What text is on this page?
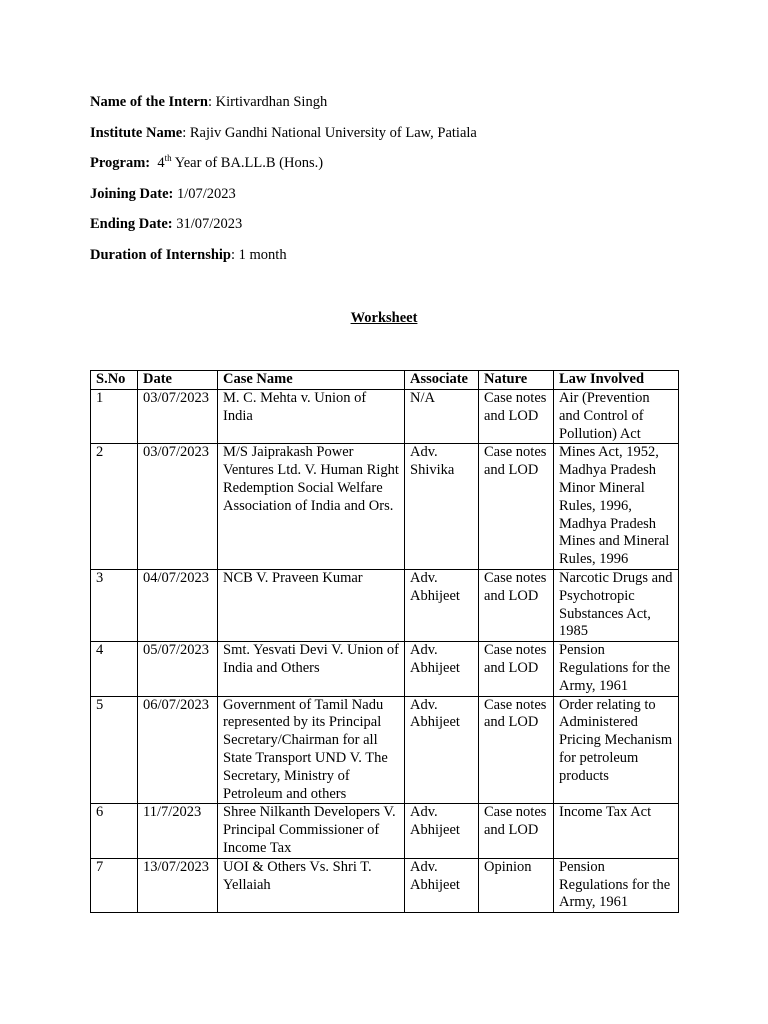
Name of the Intern: Kirtivardhan Singh
Institute Name: Rajiv Gandhi National University of Law, Patiala
Program: 4th Year of BA.LL.B (Hons.)
Joining Date: 1/07/2023
Ending Date: 31/07/2023
Duration of Internship: 1 month
Worksheet
S.No	Date	Case Name	Associate	Nature	Law Involved
1	03/07/2023	M. C. Mehta v. Union of India	N/A	Case notes and LOD	Air (Prevention and Control of Pollution) Act
2	03/07/2023	M/S Jaiprakash Power Ventures Ltd. V. Human Right Redemption Social Welfare Association of India and Ors.	Adv. Shivika	Case notes and LOD	Mines Act, 1952, Madhya Pradesh Minor Mineral Rules, 1996, Madhya Pradesh Mines and Mineral Rules, 1996
3	04/07/2023	NCB V. Praveen Kumar	Adv. Abhijeet	Case notes and LOD	Narcotic Drugs and Psychotropic Substances Act, 1985
4	05/07/2023	Smt. Yesvati Devi V. Union of India and Others	Adv. Abhijeet	Case notes and LOD	Pension Regulations for the Army, 1961
5	06/07/2023	Government of Tamil Nadu represented by its Principal Secretary/Chairman for all State Transport UND V. The Secretary, Ministry of Petroleum and others	Adv. Abhijeet	Case notes and LOD	Order relating to Administered Pricing Mechanism for petroleum products
6	11/7/2023	Shree Nilkanth Developers V. Principal Commissioner of Income Tax	Adv. Abhijeet	Case notes and LOD	Income Tax Act
7	13/07/2023	UOI & Others Vs. Shri T. Yellaiah	Adv. Abhijeet	Opinion	Pension Regulations for the Army, 1961
